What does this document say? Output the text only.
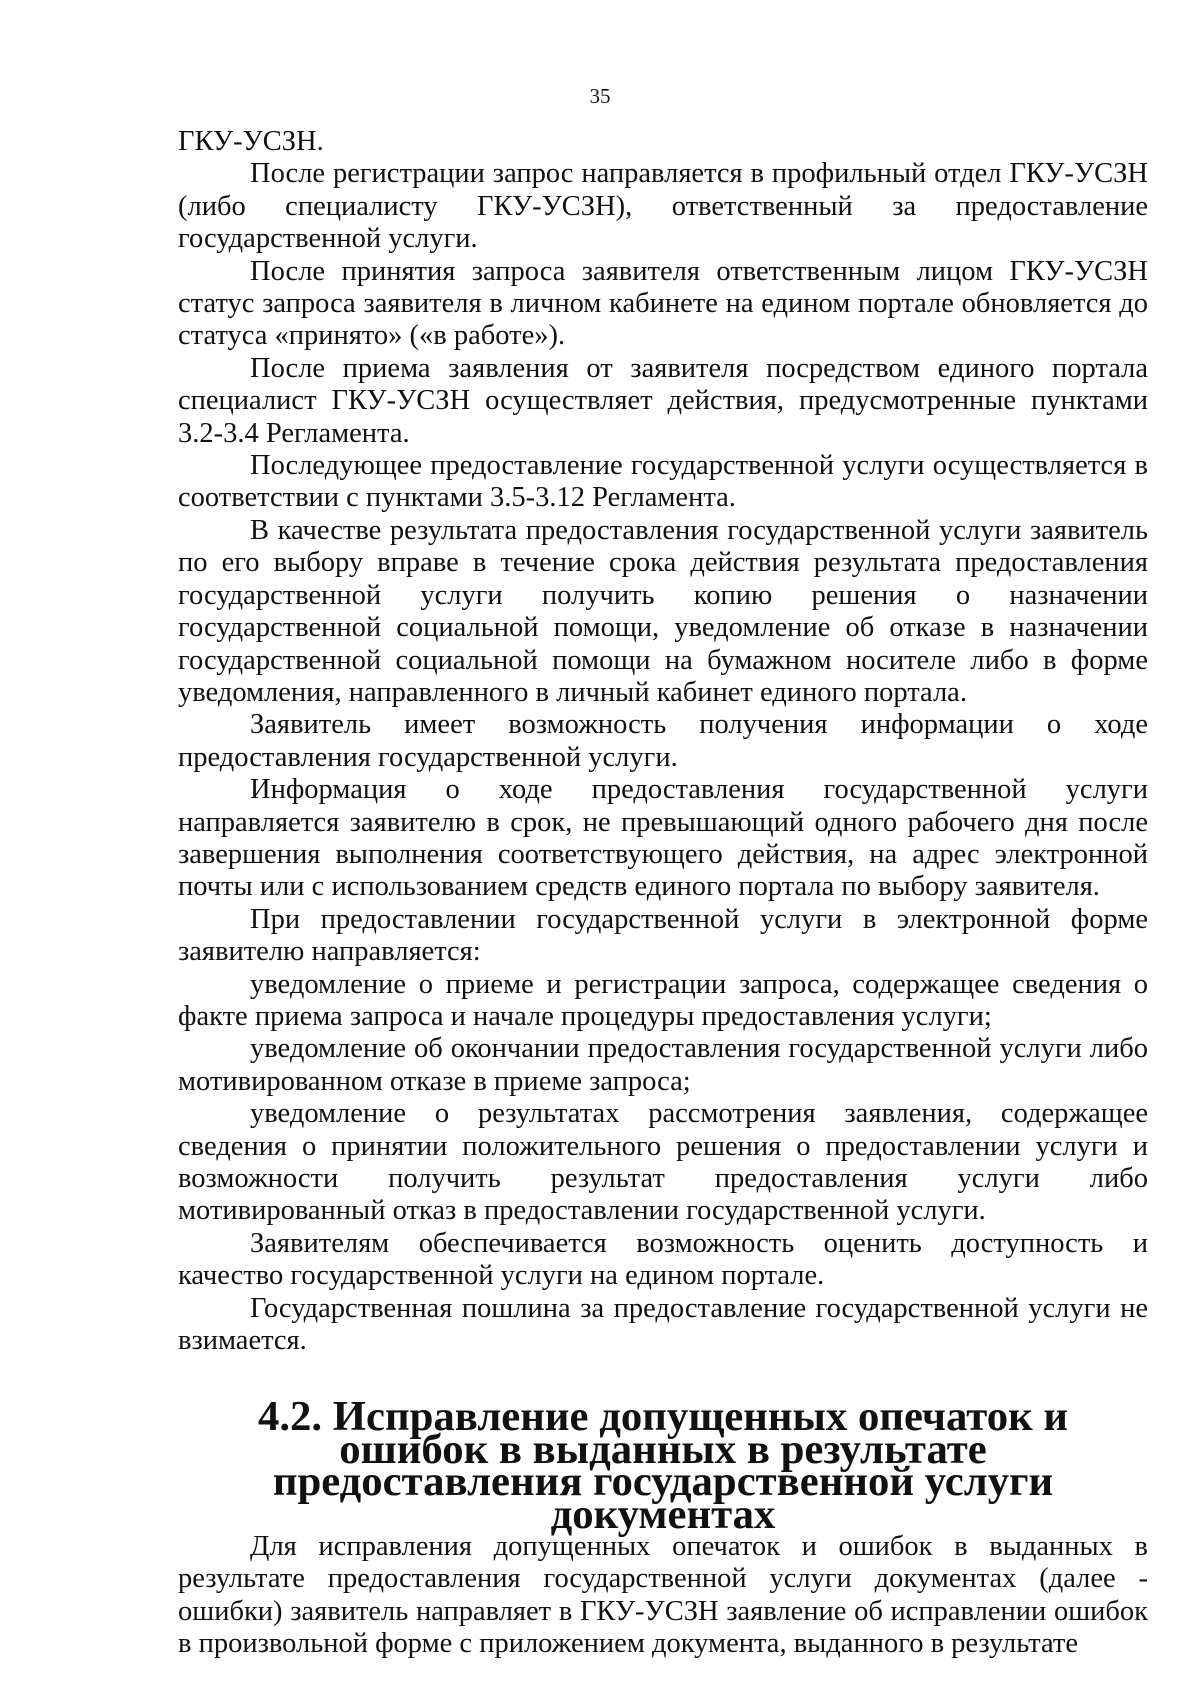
35

ГКУ-УСЗН.

После регистрации запрос направляется в профильный отдел ГКУ-УСЗН (либо специалисту ГКУ-УСЗН), ответственный за предоставление государственной услуги.

После принятия запроса заявителя ответственным лицом ГКУ-УСЗН статус запроса заявителя в личном кабинете на едином портале обновляется до статуса «принято» («в работе»).

После приема заявления от заявителя посредством единого портала специалист ГКУ-УСЗН осуществляет действия, предусмотренные пунктами 3.2-3.4 Регламента.

Последующее предоставление государственной услуги осуществляется в соответствии с пунктами 3.5-3.12 Регламента.

В качестве результата предоставления государственной услуги заявитель по его выбору вправе в течение срока действия результата предоставления государственной услуги получить копию решения о назначении государственной социальной помощи, уведомление об отказе в назначении государственной социальной помощи на бумажном носителе либо в форме уведомления, направленного в личный кабинет единого портала.

Заявитель имеет возможность получения информации о ходе предоставления государственной услуги.

Информация о ходе предоставления государственной услуги направляется заявителю в срок, не превышающий одного рабочего дня после завершения выполнения соответствующего действия, на адрес электронной почты или с использованием средств единого портала по выбору заявителя.

При предоставлении государственной услуги в электронной форме заявителю направляется:

уведомление о приеме и регистрации запроса, содержащее сведения о факте приема запроса и начале процедуры предоставления услуги;

уведомление об окончании предоставления государственной услуги либо мотивированном отказе в приеме запроса;

уведомление о результатах рассмотрения заявления, содержащее сведения о принятии положительного решения о предоставлении услуги и возможности получить результат предоставления услуги либо мотивированный отказ в предоставлении государственной услуги.

Заявителям обеспечивается возможность оценить доступность и качество государственной услуги на едином портале.

Государственная пошлина за предоставление государственной услуги не взимается.

4.2. Исправление допущенных опечаток и ошибок в выданных в результате предоставления государственной услуги документах

Для исправления допущенных опечаток и ошибок в выданных в результате предоставления государственной услуги документах (далее - ошибки) заявитель направляет в ГКУ-УСЗН заявление об исправлении ошибок в произвольной форме с приложением документа, выданного в результате
